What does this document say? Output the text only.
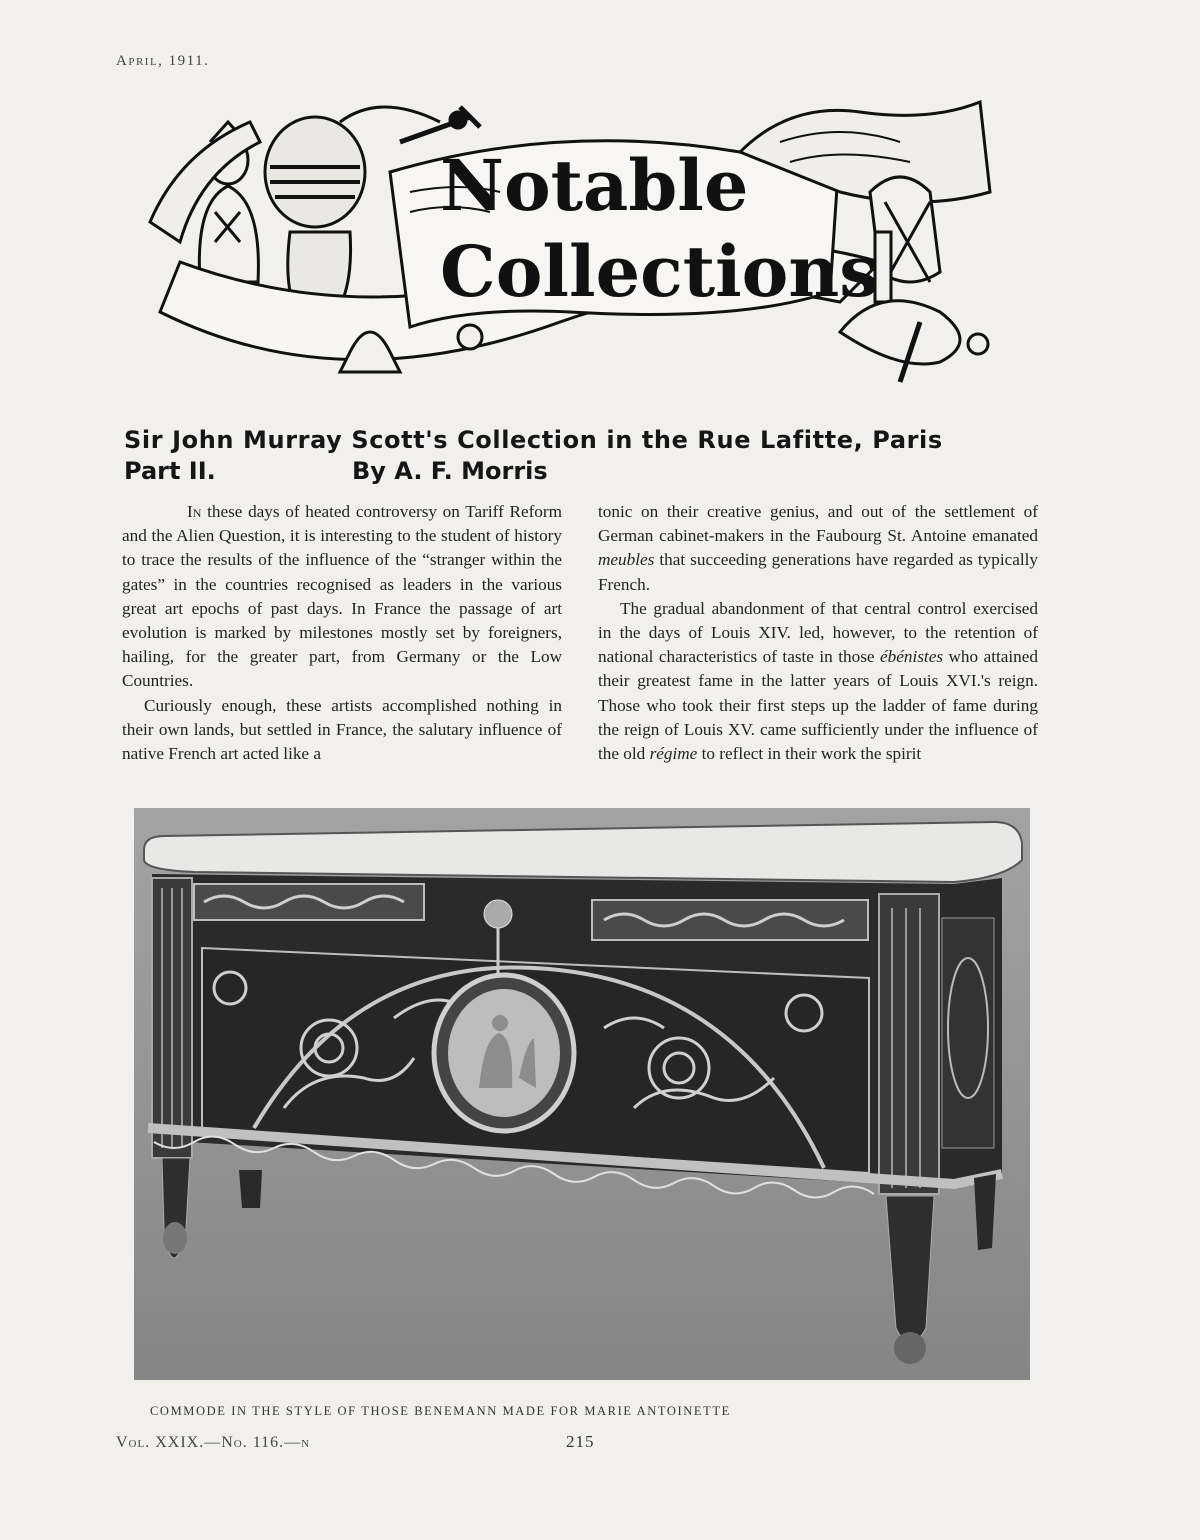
April, 1911.
Notable
Collections
Sir John Murray Scott's Collection in the Rue Lafitte, Paris
Part II.	By A. F. Morris

In these days of heated controversy on Tariff Reform and the Alien Question, it is interesting to the student of history to trace the results of the influence of the “stranger within the gates” in the countries recognised as leaders in the various great art epochs of past days. In France the passage of art evolution is marked by milestones mostly set by foreigners, hailing, for the greater part, from Germany or the Low Countries.

Curiously enough, these artists accomplished nothing in their own lands, but settled in France, the salutary influence of native French art acted like a

tonic on their creative genius, and out of the settlement of German cabinet-makers in the Faubourg St. Antoine emanated meubles that succeeding generations have regarded as typically French.

The gradual abandonment of that central control exercised in the days of Louis XIV. led, however, to the retention of national characteristics of taste in those ébénistes who attained their greatest fame in the latter years of Louis XVI.'s reign. Those who took their first steps up the ladder of fame during the reign of Louis XV. came sufficiently under the influence of the old régime to reflect in their work the spirit

COMMODE IN THE STYLE OF THOSE BENEMANN MADE FOR MARIE ANTOINETTE
Vol. XXIX.—No. 116.—n	215
